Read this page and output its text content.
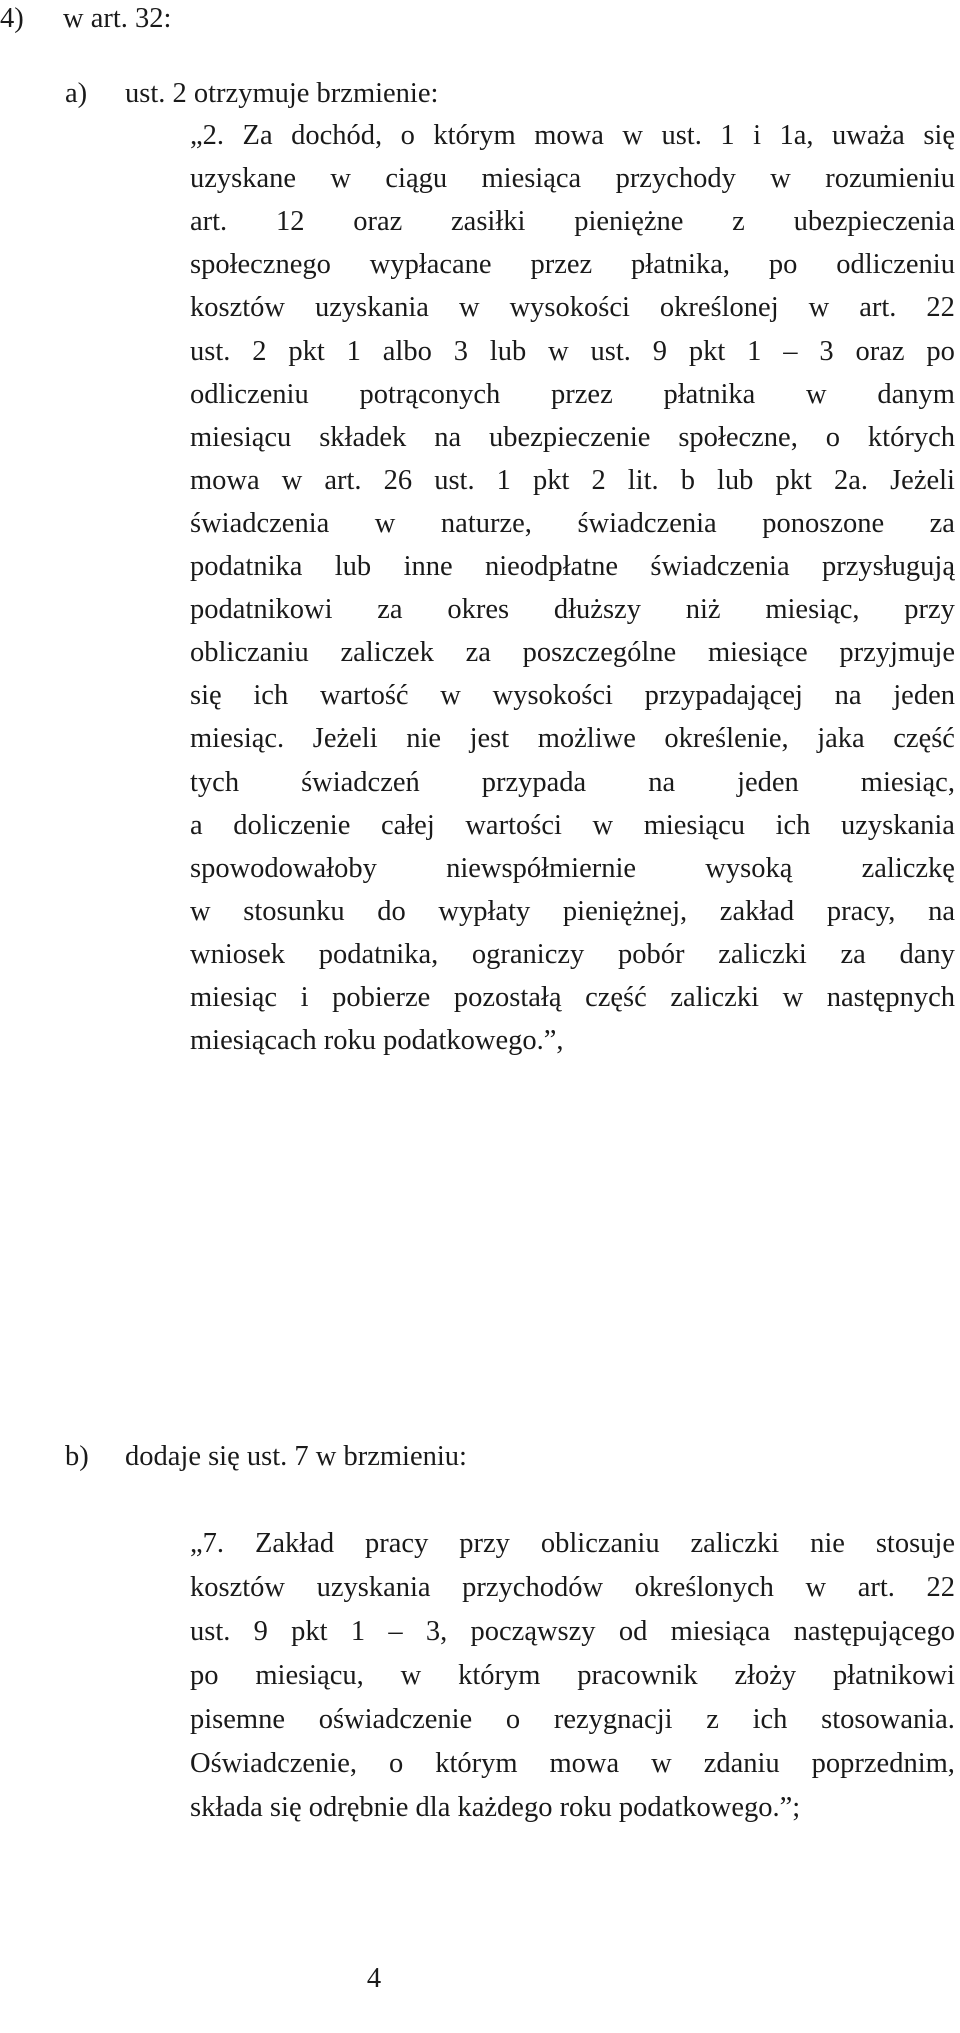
4) w art. 32:
a) ust. 2 otrzymuje brzmienie:
„2. Za dochód, o którym mowa w ust. 1 i 1a, uważa się
uzyskane w ciągu miesiąca przychody w rozumieniu
art. 12 oraz zasiłki pieniężne z ubezpieczenia
społecznego wypłacane przez płatnika, po odliczeniu
kosztów uzyskania w wysokości określonej w art. 22
ust. 2 pkt 1 albo 3 lub w ust. 9 pkt 1 – 3 oraz po
odliczeniu potrąconych przez płatnika w danym
miesiącu składek na ubezpieczenie społeczne, o których
mowa w art. 26 ust. 1 pkt 2 lit. b lub pkt 2a. Jeżeli
świadczenia w naturze, świadczenia ponoszone za
podatnika lub inne nieodpłatne świadczenia przysługują
podatnikowi za okres dłuższy niż miesiąc, przy
obliczaniu zaliczek za poszczególne miesiące przyjmuje
się ich wartość w wysokości przypadającej na jeden
miesiąc. Jeżeli nie jest możliwe określenie, jaka część
tych świadczeń przypada na jeden miesiąc,
a doliczenie całej wartości w miesiącu ich uzyskania
spowodowałoby niewspółmiernie wysoką zaliczkę
w stosunku do wypłaty pieniężnej, zakład pracy, na
wniosek podatnika, ograniczy pobór zaliczki za dany
miesiąc i pobierze pozostałą część zaliczki w następnych
miesiącach roku podatkowego.”,
b) dodaje się ust. 7 w brzmieniu:
„7. Zakład pracy przy obliczaniu zaliczki nie stosuje
kosztów uzyskania przychodów określonych w art. 22
ust. 9 pkt 1 – 3, począwszy od miesiąca następującego
po miesiącu, w którym pracownik złoży płatnikowi
pisemne oświadczenie o rezygnacji z ich stosowania.
Oświadczenie, o którym mowa w zdaniu poprzednim,
składa się odrębnie dla każdego roku podatkowego.”;
4
